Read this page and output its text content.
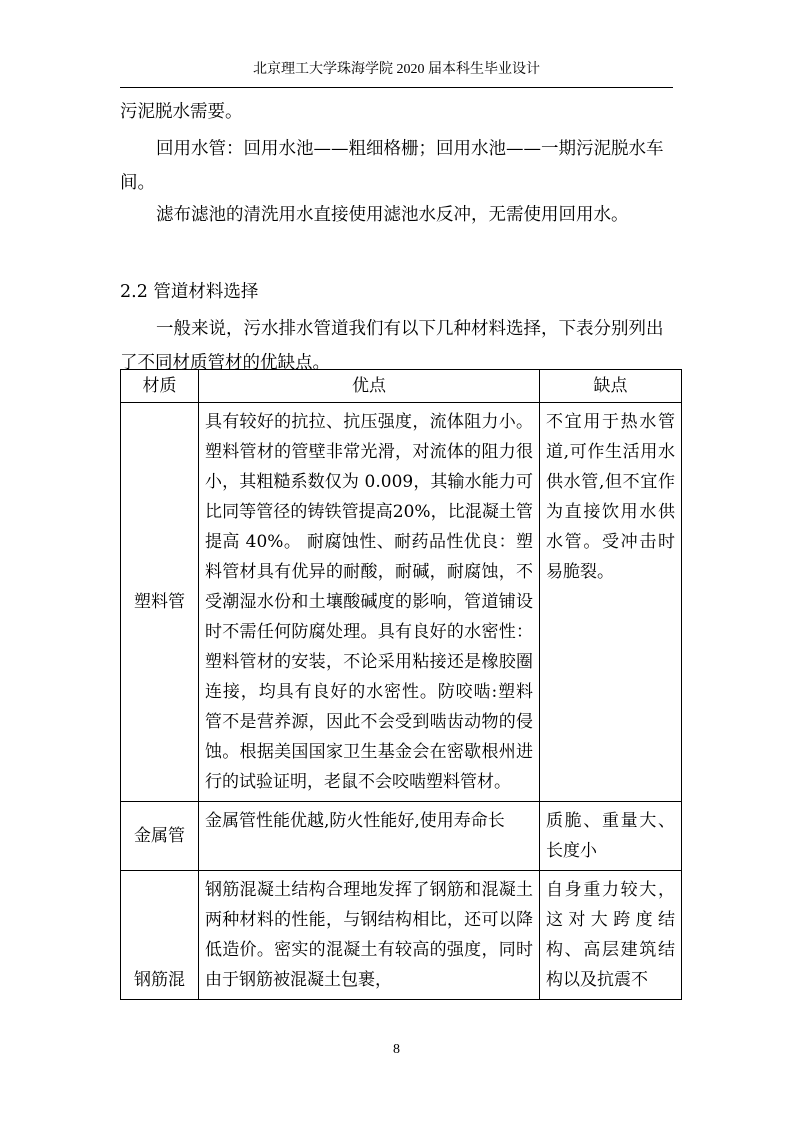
北京理工大学珠海学院 2020 届本科生毕业设计

污泥脱水需要。

回用水管：回用水池——粗细格栅；回用水池——一期污泥脱水车间。

滤布滤池的清洗用水直接使用滤池水反冲，无需使用回用水。

2.2 管道材料选择

一般来说，污水排水管道我们有以下几种材料选择，下表分别列出了不同材质管材的优缺点。

材质	优点	缺点
塑料管	具有较好的抗拉、抗压强度，流体阻力小。塑料管材的管壁非常光滑，对流体的阻力很小，其粗糙系数仅为 0.009，其输水能力可比同等管径的铸铁管提高20%，比混凝土管提高 40%。 耐腐蚀性、耐药品性优良：塑料管材具有优异的耐酸，耐碱，耐腐蚀，不受潮湿水份和土壤酸碱度的影响，管道铺设时不需任何防腐处理。具有良好的水密性：塑料管材的安装，不论采用粘接还是橡胶圈连接，均具有良好的水密性。防咬啮:塑料管不是营养源，因此不会受到啮齿动物的侵蚀。根据美国国家卫生基金会在密歇根州进行的试验证明，老鼠不会咬啮塑料管材。	不宜用于热水管道,可作生活用水供水管,但不宜作为直接饮用水供水管。受冲击时易脆裂。
金属管	金属管性能优越,防火性能好,使用寿命长	质脆、重量大、长度小
钢筋混	钢筋混凝土结构合理地发挥了钢筋和混凝土两种材料的性能，与钢结构相比，还可以降低造价。密实的混凝土有较高的强度，同时由于钢筋被混凝土包裹，	自身重力较大，这对大跨度结构、高层建筑结构以及抗震不
8
